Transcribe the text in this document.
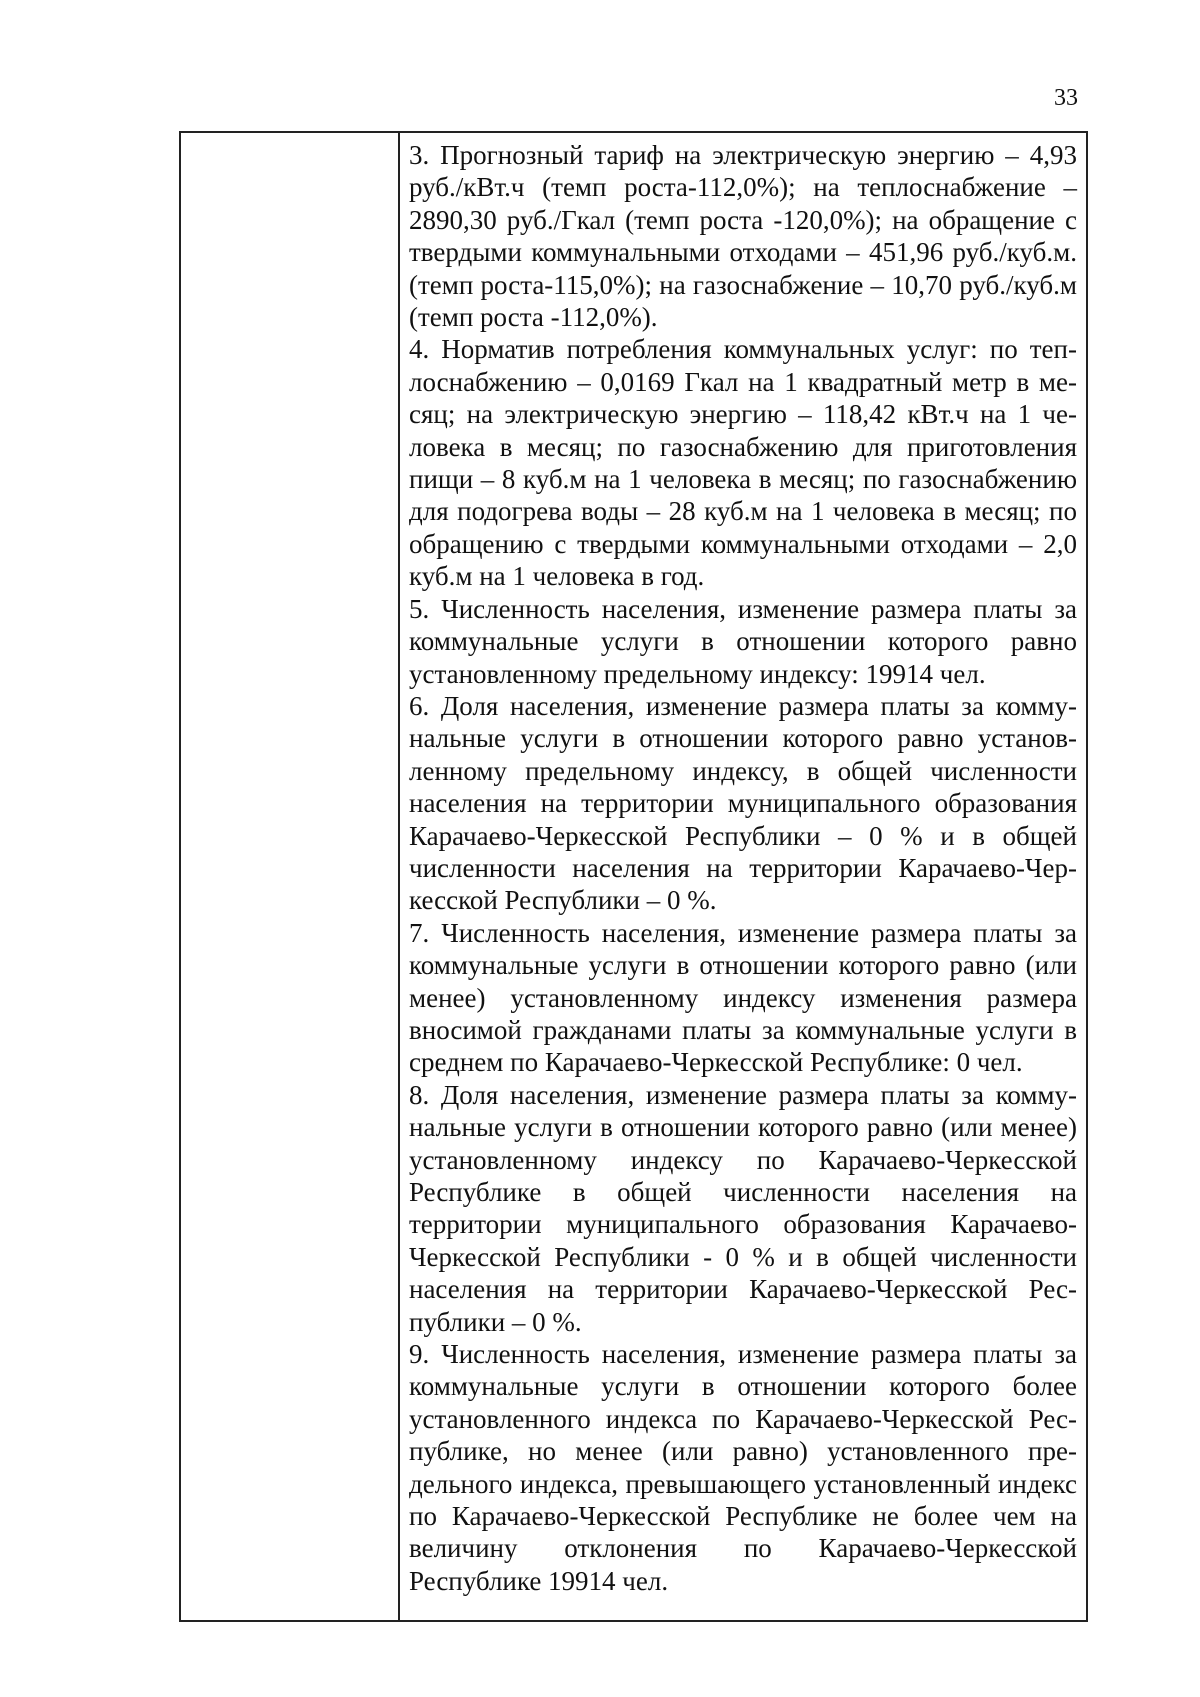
33

3. Прогнозный тариф на электрическую энергию – 4,93 руб./кВт.ч (темп роста-112,0%); на теплоснабжение – 2890,30 руб./Гкал (темп роста -120,0%); на обращение с твердыми коммунальными отходами – 451,96 руб./куб.м. (темп роста-115,0%); на газоснабжение – 10,70 руб./куб.м (темп роста -112,0%).

4. Норматив потребления коммунальных услуг: по теплоснабжению – 0,0169 Гкал на 1 квадратный метр в месяц; на электрическую энергию – 118,42 кВт.ч на 1 человека в месяц; по газоснабжению для приготовления пищи – 8 куб.м на 1 человека в месяц; по газоснабжению для подогрева воды – 28 куб.м на 1 человека в месяц; по обращению с твердыми коммунальными отходами – 2,0 куб.м на 1 человека в год.

5. Численность населения, изменение размера платы за коммунальные услуги в отношении которого равно установленному предельному индексу: 19914 чел.

6. Доля населения, изменение размера платы за коммунальные услуги в отношении которого равно установленному предельному индексу, в общей численности населения на территории муниципального образования Карачаево-Черкесской Республики – 0 % и в общей численности населения на территории Карачаево-Черкесской Республики – 0 %.

7. Численность населения, изменение размера платы за коммунальные услуги в отношении которого равно (или менее) установленному индексу изменения размера вносимой гражданами платы за коммунальные услуги в среднем по Карачаево-Черкесской Республике: 0 чел.

8. Доля населения, изменение размера платы за коммунальные услуги в отношении которого равно (или менее) установленному индексу по Карачаево-Черкесской Республике в общей численности населения на территории муниципального образования Карачаево-Черкесской Республики - 0 % и в общей численности населения на территории Карачаево-Черкесской Республики – 0 %.

9. Численность населения, изменение размера платы за коммунальные услуги в отношении которого более установленного индекса по Карачаево-Черкесской Республике, но менее (или равно) установленного предельного индекса, превышающего установленный индекс по Карачаево-Черкесской Республике не более чем на величину отклонения по Карачаево-Черкесской Республике 19914 чел.
